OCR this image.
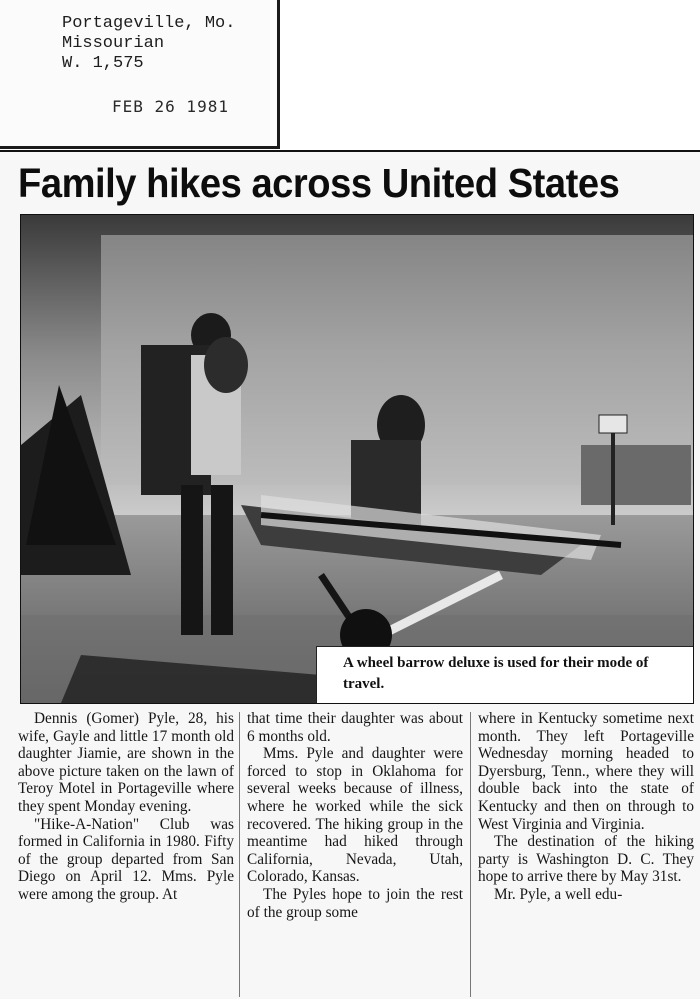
Portageville, Mo.
Missourian
W. 1,575
FEB 26 1981
Family hikes across United States

A wheel barrow deluxe is used for their mode of travel.

Dennis (Gomer) Pyle, 28, his wife, Gayle and little 17 month old daughter Jiamie, are shown in the above picture taken on the lawn of Teroy Motel in Portageville where they spent Monday evening.

"Hike-A-Nation" Club was formed in California in 1980. Fifty of the group departed from San Diego on April 12. Mms. Pyle were among the group. At

that time their daughter was about 6 months old.

Mms. Pyle and daughter were forced to stop in Oklahoma for several weeks because of illness, where he worked while the sick recovered. The hiking group in the meantime had hiked through California, Nevada, Utah, Colorado, Kansas.

The Pyles hope to join the rest of the group some

where in Kentucky sometime next month. They left Portageville Wednesday morning headed to Dyersburg, Tenn., where they will double back into the state of Kentucky and then on through to West Virginia and Virginia.

The destination of the hiking party is Washington D. C. They hope to arrive there by May 31st.

Mr. Pyle, a well edu-
